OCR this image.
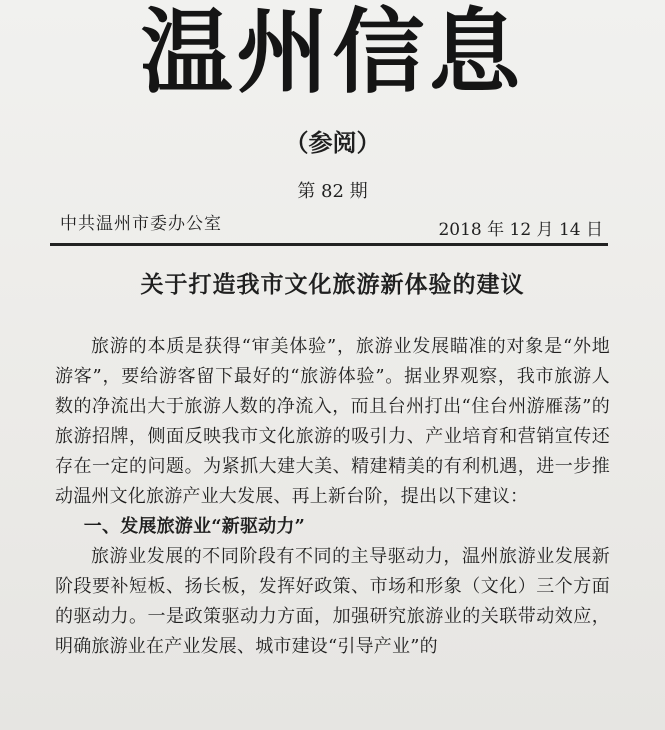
温州信息
（参阅）
第 82 期
中共温州市委办公室	2018 年 12 月 14 日
关于打造我市文化旅游新体验的建议

旅游的本质是获得“审美体验”，旅游业发展瞄准的对象是“外地游客”，要给游客留下最好的“旅游体验”。据业界观察，我市旅游人数的净流出大于旅游人数的净流入，而且台州打出“住台州游雁荡”的旅游招牌，侧面反映我市文化旅游的吸引力、产业培育和营销宣传还存在一定的问题。为紧抓大建大美、精建精美的有利机遇，进一步推动温州文化旅游产业大发展、再上新台阶，提出以下建议：

一、发展旅游业“新驱动力”

旅游业发展的不同阶段有不同的主导驱动力，温州旅游业发展新阶段要补短板、扬长板，发挥好政策、市场和形象（文化）三个方面的驱动力。一是政策驱动力方面，加强研究旅游业的关联带动效应，明确旅游业在产业发展、城市建设“引导产业”的
